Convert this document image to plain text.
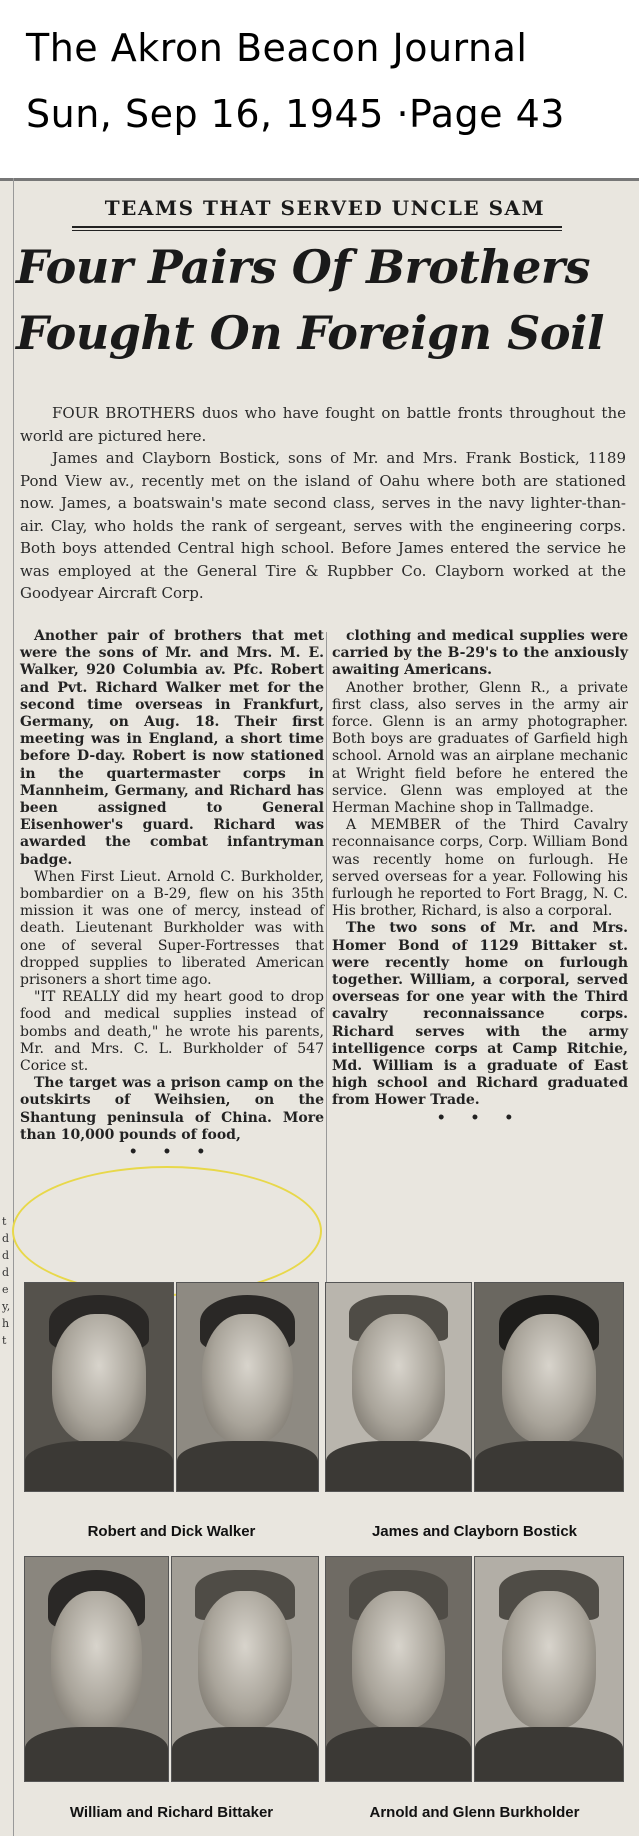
The Akron Beacon Journal
Sun, Sep 16, 1945 ·Page 43
t
d
d
d
e
y,
h
t
TEAMS THAT SERVED UNCLE SAM
Four Pairs Of Brothers
Fought On Foreign Soil

FOUR BROTHERS duos who have fought on battle fronts throughout the world are pictured here.

James and Clayborn Bostick, sons of Mr. and Mrs. Frank Bostick, 1189 Pond View av., recently met on the island of Oahu where both are stationed now. James, a boatswain's mate second class, serves in the navy lighter-than-air. Clay, who holds the rank of sergeant, serves with the engineering corps. Both boys attended Central high school. Before James entered the service he was employed at the General Tire & Rupbber Co. Clayborn worked at the Goodyear Aircraft Corp.

Another pair of brothers that met were the sons of Mr. and Mrs. M. E. Walker, 920 Columbia av. Pfc. Robert and Pvt. Richard Walker met for the second time overseas in Frankfurt, Germany, on Aug. 18. Their first meeting was in England, a short time before D-day. Robert is now stationed in the quartermaster corps in Mannheim, Germany, and Richard has been assigned to General Eisenhower's guard. Richard was awarded the combat infantryman badge.

When First Lieut. Arnold C. Burkholder, bombardier on a B-29, flew on his 35th mission it was one of mercy, instead of death. Lieutenant Burkholder was with one of several Super-Fortresses that dropped supplies to liberated American prisoners a short time ago.

"IT REALLY did my heart good to drop food and medical supplies instead of bombs and death," he wrote his parents, Mr. and Mrs. C. L. Burkholder of 547 Corice st.

The target was a prison camp on the outskirts of Weihsien, on the Shantung peninsula of China. More than 10,000 pounds of food,

• • •

clothing and medical supplies were carried by the B-29's to the anxiously awaiting Americans.

Another brother, Glenn R., a private first class, also serves in the army air force. Glenn is an army photographer. Both boys are graduates of Garfield high school. Arnold was an airplane mechanic at Wright field before he entered the service. Glenn was employed at the Herman Machine shop in Tallmadge.

A MEMBER of the Third Cavalry reconnaisance corps, Corp. William Bond was recently home on furlough. He served overseas for a year. Following his furlough he reported to Fort Bragg, N. C. His brother, Richard, is also a corporal.

The two sons of Mr. and Mrs. Homer Bond of 1129 Bittaker st. were recently home on furlough together. William, a corporal, served overseas for one year with the Third cavalry reconnaissance corps. Richard serves with the army intelligence corps at Camp Ritchie, Md. William is a graduate of East high school and Richard graduated from Hower Trade.

• • •

Robert and Dick Walker	James and Clayborn Bostick
William and Richard Bittaker	Arnold and Glenn Burkholder
